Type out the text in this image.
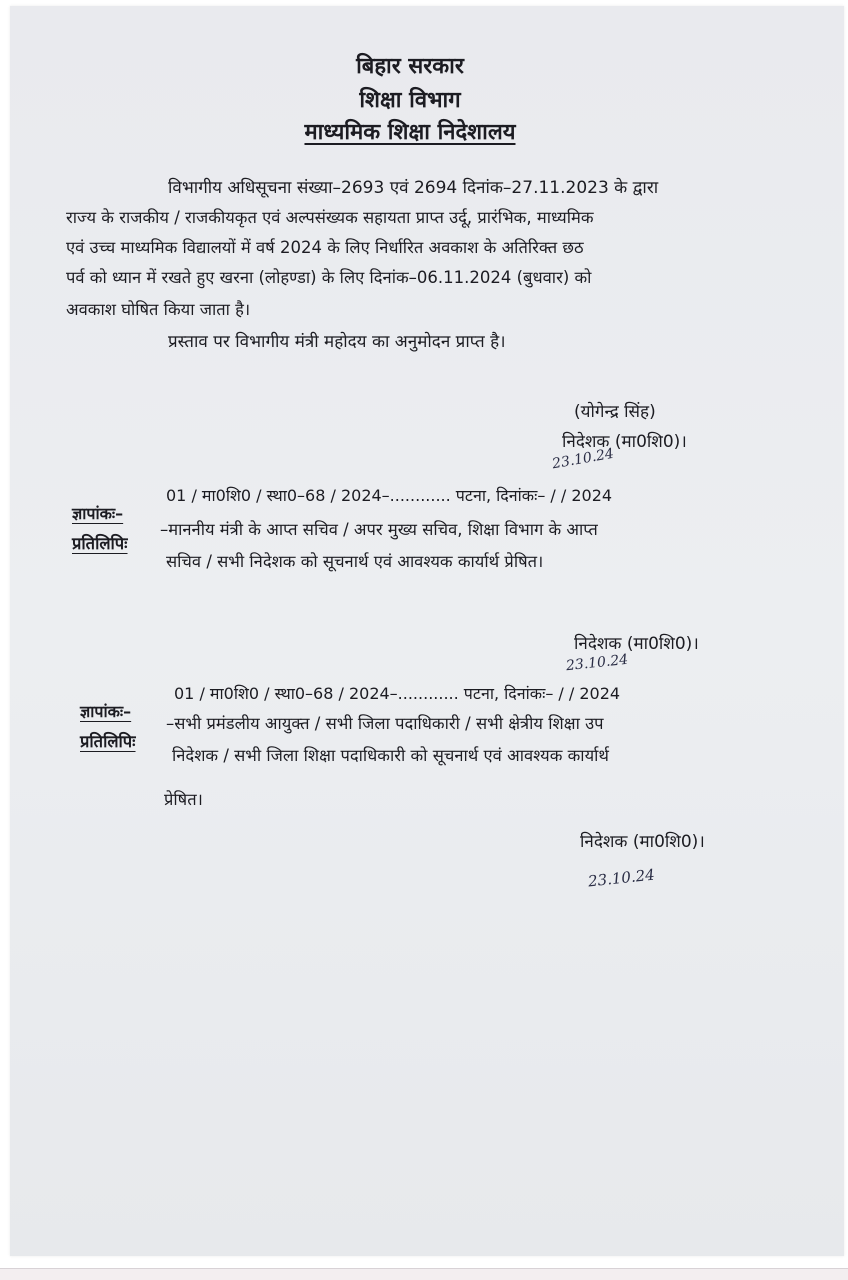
बिहार सरकार
शिक्षा विभाग
माध्यमिक शिक्षा निदेशालय
विभागीय अधिसूचना संख्या–2693 एवं 2694 दिनांक–27.11.2023 के द्वारा
राज्य के राजकीय / राजकीयकृत एवं अल्पसंख्यक सहायता प्राप्त उर्दू, प्रारंभिक, माध्यमिक
एवं उच्च माध्यमिक विद्यालयों में वर्ष 2024 के लिए निर्धारित अवकाश के अतिरिक्त छठ
पर्व को ध्यान में रखते हुए खरना (लोहण्डा) के लिए दिनांक–06.11.2024 (बुधवार) को
अवकाश घोषित किया जाता है।
प्रस्ताव पर विभागीय मंत्री महोदय का अनुमोदन प्राप्त है।
(योगेन्द्र सिंह)
निदेशक (मा0शि0)।
23.10.24
ज्ञापांकः–
01 / मा0शि0 / स्था0–68 / 2024–............ पटना, दिनांकः– / / 2024
प्रतिलिपिः
–माननीय मंत्री के आप्त सचिव / अपर मुख्य सचिव, शिक्षा विभाग के आप्त
सचिव / सभी निदेशक को सूचनार्थ एवं आवश्यक कार्यार्थ प्रेषित।
निदेशक (मा0शि0)।
23.10.24
ज्ञापांकः–
01 / मा0शि0 / स्था0–68 / 2024–............ पटना, दिनांकः– / / 2024
प्रतिलिपिः
–सभी प्रमंडलीय आयुक्त / सभी जिला पदाधिकारी / सभी क्षेत्रीय शिक्षा उप
निदेशक / सभी जिला शिक्षा पदाधिकारी को सूचनार्थ एवं आवश्यक कार्यार्थ
प्रेषित।
निदेशक (मा0शि0)।
23.10.24
